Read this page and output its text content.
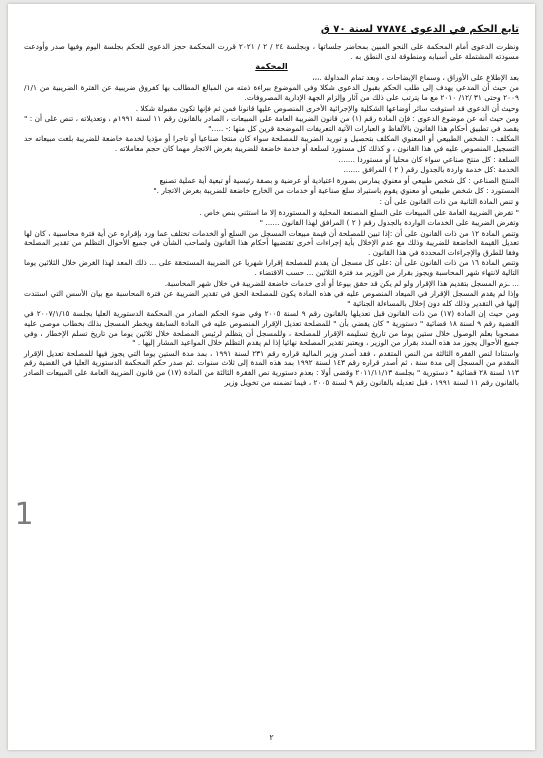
تابع الحكم في الدعوى ٧٧٨٧٤ لسنة ٧٠ ق

ونظرت الدعوى أمام المحكمة على النحو المبين بمحاضر جلساتها ، وبجلسة ٢٤ / ٢ / ٢٠٢١ قررت المحكمة حجز الدعوى للحكم بجلسة اليوم وفيها صدر وأودعت مسودته المشتملة على أسبابه ومنطوقة لدى النطق به .

المحكمة

بعد الإطلاع على الأوراق ، وسماع الإيضاحات ، وبعد تمام المداولة .،،،

من حيث أن المدعي يهدف إلى طلب الحكم بقبول الدعوى شكلا وفي الموضوع ببراءة ذمته من المبالغ المطالب بها كفروق ضريبية عن الفترة الضريبية من ١/١/ ٢٠٠٩ وحتى ٣١ /١٢/ ٢٠١٠ مع ما يترتب على ذلك من آثار وإلزام الجهة الإدارية المصروفات.

وحيث أن الدعوى قد استوفت سائر أوضاعها الشكلية والإجرائية الأخرى المنصوص عليها قانونا فمن ثم فإنها تكون مقبولة شكلا .

ومن حيث أنه عن موضوع الدعوى : فإن المادة رقم (١) من قانون الضريبة العامة على المبيعات ، الصادر بالقانون رقم ١١ لسنة ١٩٩١م ، وتعديلاته ، تنص على أن : " يقصد في تطبيق أحكام هذا القانون بالألفاظ و العبارات الآتية التعريفات الموضحة قرين كل منها :- ....."

المكلف : الشخص الطبيعي أو المعنوي المكلف بتحصيل و توريد الضريبة للمصلحة سواء كان منتجا صناعيا أو تاجرا أو مؤديا لخدمة خاضعة للضريبة بلغت مبيعاته حد التسجيل المنصوص عليه في هذا القانون ، و كذلك كل مستورد لسلعة أو خدمة خاضعة للضريبة بغرض الاتجار مهما كان حجم معاملاته .

السلعة : كل منتج صناعي سواء كان محليا أو مستوردا .......

الخدمة :كل خدمة واردة بالجدول رقم ( ٢ ) المرافق .......

المنتج الصناعي : كل شخص طبيعي أو معنوي يمارس بصورة اعتيادية أو عرضية و بصفة رئيسية أو تبعية أية عملية تصنيع

المستورد : كل شخص طبيعي أو معنوي يقوم باستيراد سلع صناعية أو خدمات من الخارج خاضعة للضريبة بغرض الاتجار ."

و تنص المادة الثانية من ذات القانون على أن :

" تفرض الضريبة العامة على المبيعات على السلع المصنعة المحلية و المستوردة إلا ما استثني بنص خاص .

وتفرض الضريبة على الخدمات الواردة بالجدول رقم ( ٢ ) المرافق لهذا القانون ...... "

وتنص المادة ١٢ من ذات القانون على أن :إذا تبين للمصلحة أن قيمة مبيعات المسجل من السلع أو الخدمات تختلف عما ورد بإقراره عن أية فترة محاسبية ، كان لها تعديل القيمة الخاضعة للضريبة وذلك مع عدم الإخلال بأية إجراءات أخرى تقتضيها أحكام هذا القانون ولصاحب الشأن في جميع الأحوال التظلم من تقدير المصلحة وفقا للطرق والإجراءات المحددة في هذا القانون .

وتنص المادة ١٦ من ذات القانون على أن :على كل مسجل أن يقدم للمصلحة إقرارا شهريا عن الضريبة المستحقة على ... ذلك المعد لهذا الغرض خلال الثلاثين يوما التالية لانتهاء شهر المحاسبة ويجوز بقرار من الوزير مد فترة الثلاثين ... حسب الاقتضاء .

... ـزم المسجل بتقديم هذا الإقرار ولو لم يكن قد حقق بيوعا أو أدى خدمات خاضعة للضريبة في خلال شهر المحاسبة.

وإذا لم يقدم المسجل الإقرار في الميعاد المنصوص عليه في هذه المادة يكون للمصلحة الحق في تقدير الضريبة عن فترة المحاسبة مع بيان الأسس التي استندت إليها في التقدير وذلك كله دون إخلال بالمساءلة الجنائية "

ومن حيث إن المادة (١٧) من ذات القانون قبل تعديلها بالقانون رقم ٩ لسنة ٢٠٠٥ وفي ضوء الحكم الصادر من المحكمة الدستورية العليا بجلسة ٢٠٠٧/١/١٥ في القضية رقم ٩ لسنة ١٨ قضائية " دستورية " كان يقضي بأن " للمصلحة تعديل الإقرار المنصوص عليه في المادة السابقة ويخطر المسجل بذلك بخطاب موصى عليه مصحوبا بعلم الوصول خلال ستين يوما من تاريخ تسليمه الإقرار للمصلحة ، وللمسجل أن يتظلم لرئيس المصلحة خلال ثلاثين يوما من تاريخ تسلم الإخطار ، وفي جميع الأحوال يجوز مد هذه المدد بقرار من الوزير ، ويعتبر تقدير المصلحة نهائيا إذا لم يقدم التظلم خلال المواعيد المشار إليها . "

واستنادا لنص الفقرة الثالثة من النص المتقدم ، فقد أصدر وزير المالية قراره رقم ٢٣١ لسنة ١٩٩١ ، بمد مدة الستين يوما التي يجوز فيها للمصلحة تعديل الإقرار المقدم من المسجل إلى مدة سنة ، ثم أصدر قراره رقم ١٤٣ لسنة ١٩٩٢ بمد هذه المدة إلى ثلاث سنوات .ثم صدر حكم المحكمة الدستورية العليا في القضية رقم ١١٣ لسنة ٢٨ قضائية " دستورية " بجلسة ٢٠١١/١١/١٣ وقضى أولا : بعدم دستورية نص الفقرة الثالثة من المادة (١٧) من قانون الضريبة العامة على المبيعات الصادر بالقانون رقم ١١ لسنة ١٩٩١ ، قبل تعديله بالقانون رقم ٩ لسنة ٢٠٠٥ ، فيما تضمنه من تخويل وزير

1
٢
